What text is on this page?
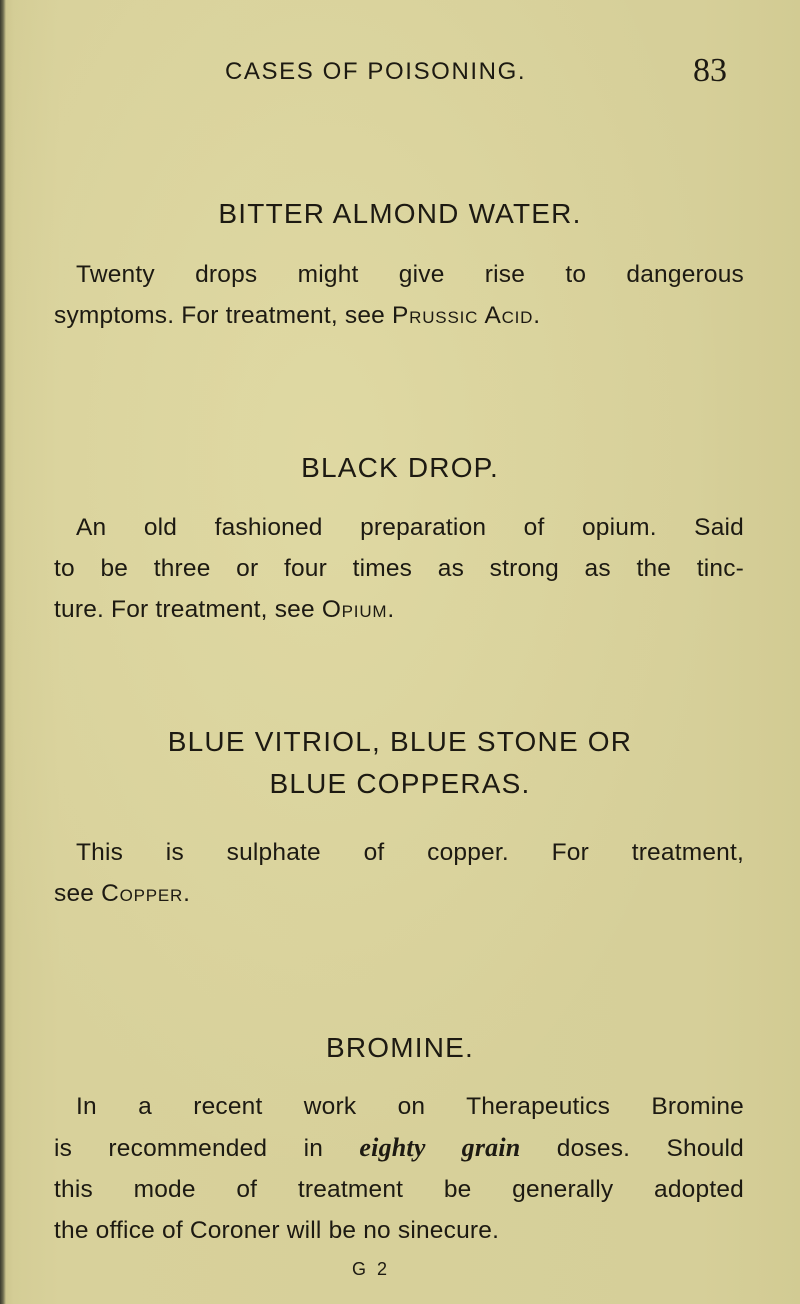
CASES OF POISONING.	83
BITTER ALMOND WATER.
Twenty drops might give rise to dangerous
symptoms. For treatment, see Prussic Acid.
BLACK DROP.
An old fashioned preparation of opium. Said
to be three or four times as strong as the tinc-
ture. For treatment, see Opium.
BLUE VITRIOL, BLUE STONE OR
BLUE COPPERAS.
This is sulphate of copper. For treatment,
see Copper.
BROMINE.
In a recent work on Therapeutics Bromine
is recommended in eighty grain doses. Should
this mode of treatment be generally adopted
the office of Coroner will be no sinecure.
G 2
